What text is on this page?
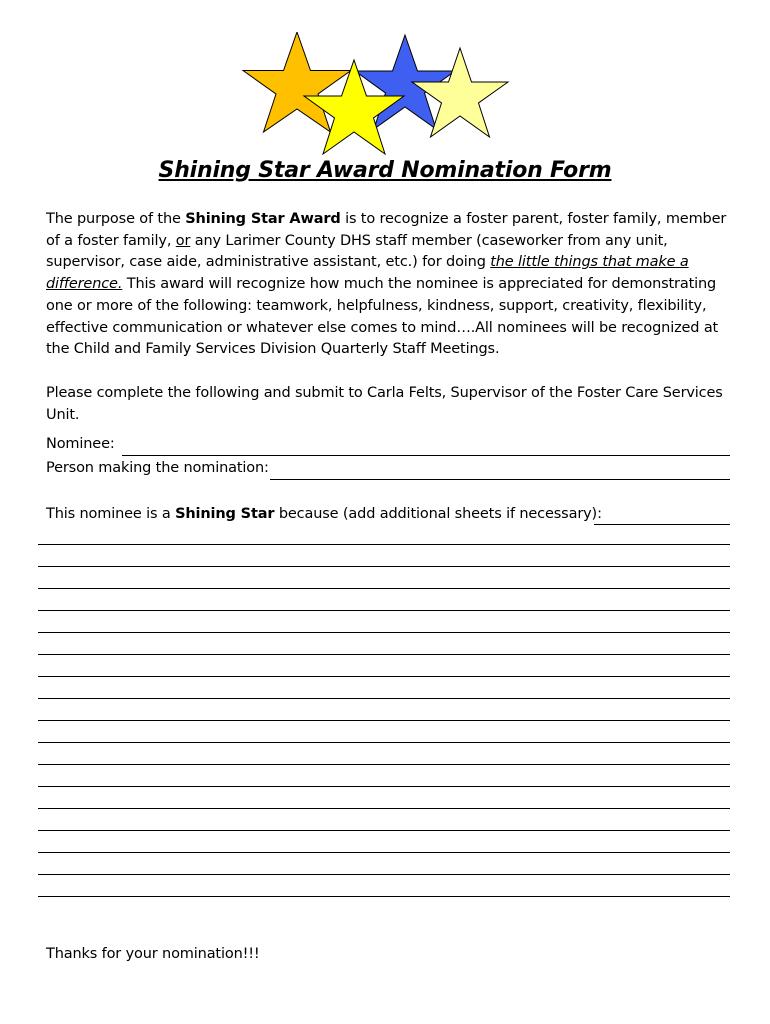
Shining Star Award Nomination Form
The purpose of the Shining Star Award is to recognize a foster parent, foster family, member of a foster family, or any Larimer County DHS staff member (caseworker from any unit, supervisor, case aide, administrative assistant, etc.) for doing the little things that make a difference. This award will recognize how much the nominee is appreciated for demonstrating one or more of the following: teamwork, helpfulness, kindness, support, creativity, flexibility, effective communication or whatever else comes to mind….All nominees will be recognized at the Child and Family Services Division Quarterly Staff Meetings.
Please complete the following and submit to Carla Felts, Supervisor of the Foster Care Services Unit.
Nominee:
Person making the nomination:
This nominee is a Shining Star because (add additional sheets if necessary):
Thanks for your nomination!!!
